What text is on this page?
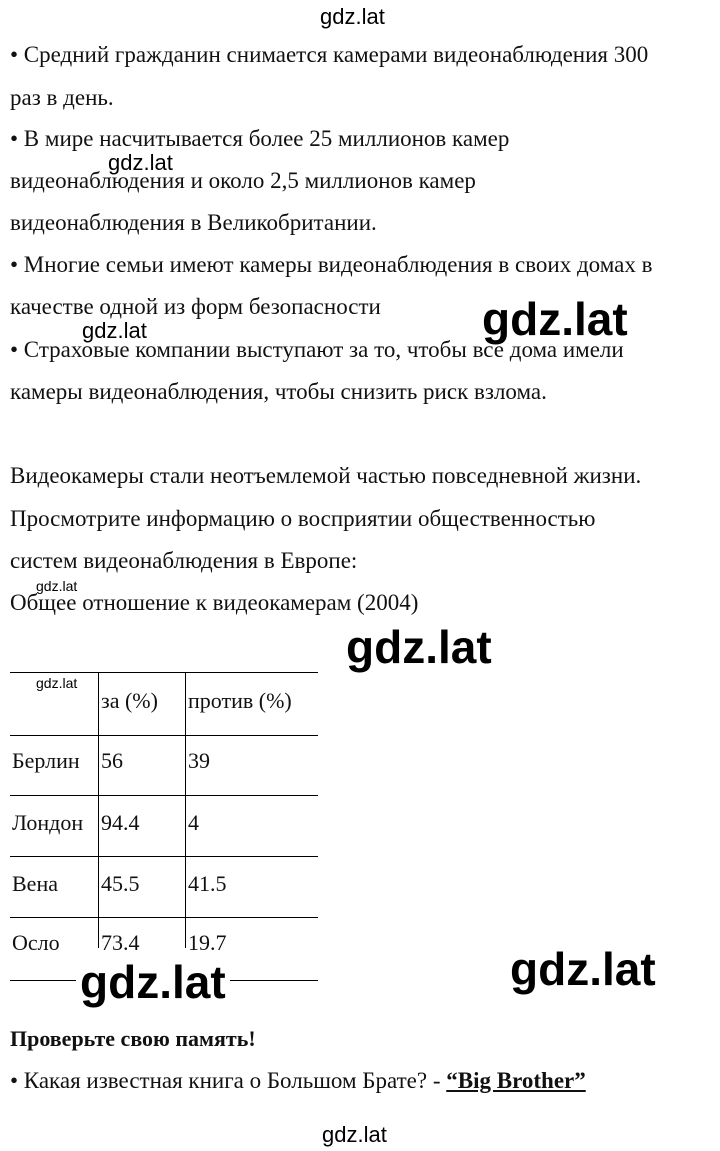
gdz.lat
gdz.lat
gdz.lat	gdz.lat
gdz.lat
gdz.lat
gdz.lat
gdz.lat
gdz.lat
• Средний гражданин снимается камерами видеонаблюдения 300
раз в день.
• В мире насчитывается более 25 миллионов камер
видеонаблюдения и около 2,5 миллионов камер
видеонаблюдения в Великобритании.
• Многие семьи имеют камеры видеонаблюдения в своих домах в
качестве одной из форм безопасности
• Страховые компании выступают за то, чтобы все дома имели
камеры видеонаблюдения, чтобы снизить риск взлома.
Видеокамеры стали неотъемлемой частью повседневной жизни.
Просмотрите информацию о восприятии общественностью
систем видеонаблюдения в Европе:
Общее отношение к видеокамерам (2004)
за (%) против (%)
Берлин 56	39
Лондон 94.4 4
Вена 45.5 41.5
Осло 73.4 19.7
gdz.lat
Проверьте свою память!
• Какая известная книга о Большом Брате? - “Big Brother”
